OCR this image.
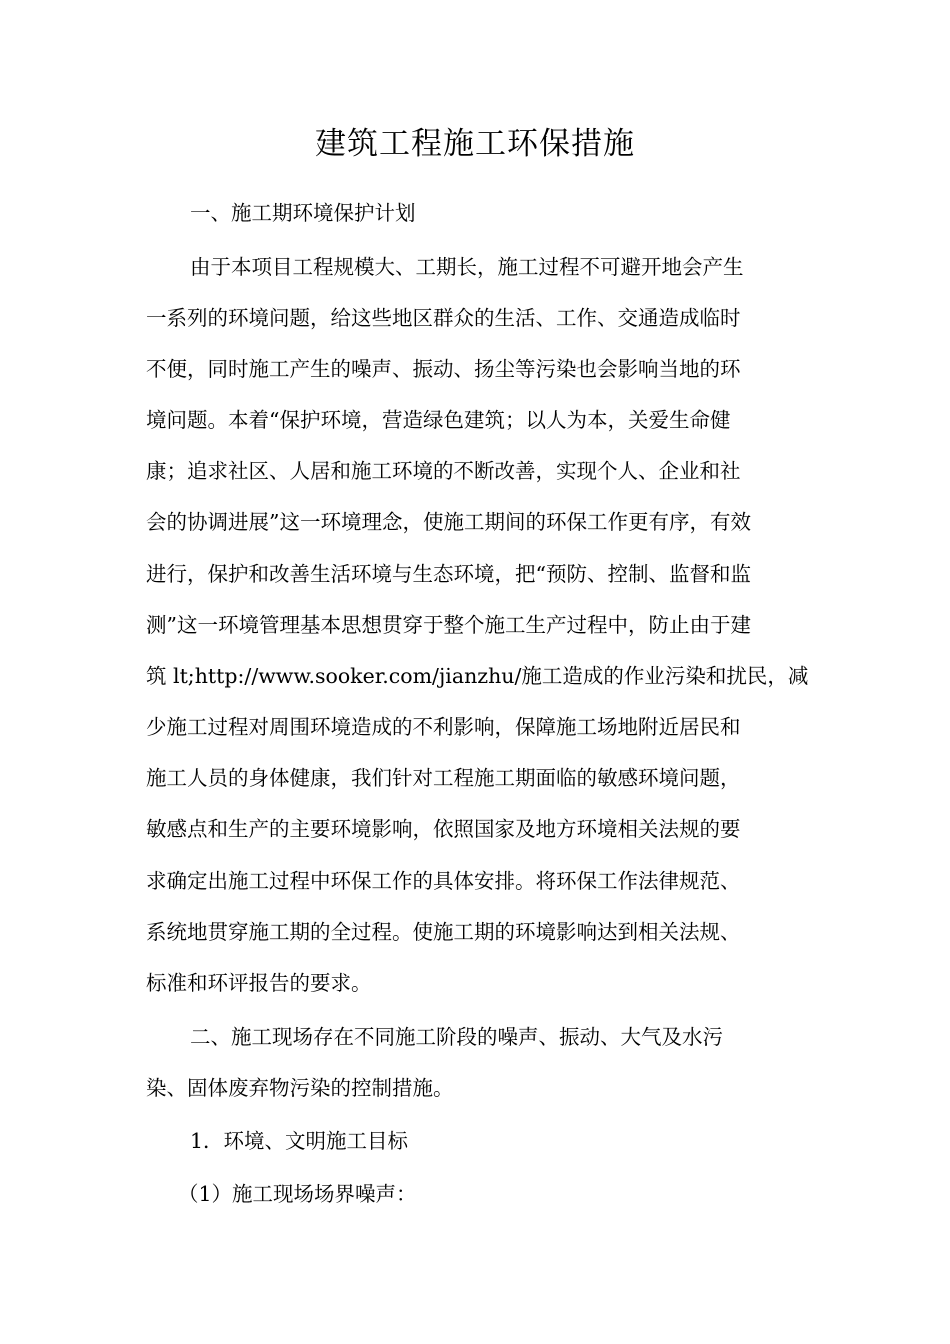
建筑工程施工环保措施
一、施工期环境保护计划
由于本项目工程规模大、工期长，施工过程不可避开地会产生
一系列的环境问题，给这些地区群众的生活、工作、交通造成临时
不便，同时施工产生的噪声、振动、扬尘等污染也会影响当地的环
境问题。本着“保护环境，营造绿色建筑；以人为本，关爱生命健
康；追求社区、人居和施工环境的不断改善，实现个人、企业和社
会的协调进展”这一环境理念，使施工期间的环保工作更有序，有效
进行，保护和改善生活环境与生态环境，把“预防、控制、监督和监
测”这一环境管理基本思想贯穿于整个施工生产过程中，防止由于建
筑 lt;http://www.sooker.com/jianzhu/施工造成的作业污染和扰民，减
少施工过程对周围环境造成的不利影响，保障施工场地附近居民和
施工人员的身体健康，我们针对工程施工期面临的敏感环境问题，
敏感点和生产的主要环境影响，依照国家及地方环境相关法规的要
求确定出施工过程中环保工作的具体安排。将环保工作法律规范、
系统地贯穿施工期的全过程。使施工期的环境影响达到相关法规、
标准和环评报告的要求。
二、施工现场存在不同施工阶段的噪声、振动、大气及水污
染、固体废弃物污染的控制措施。
1．环境、文明施工目标
（1）施工现场场界噪声：
